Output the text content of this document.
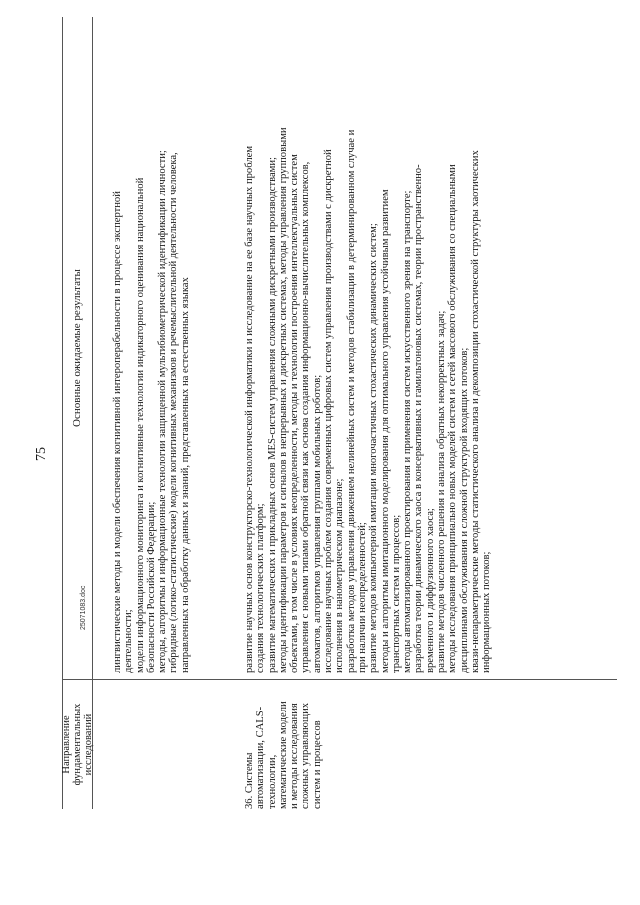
75
Направление фундаментальных исследований
Основные ожидаемые результаты	лингвистические методы и модели обеспечения когнитивной интероперабельности в процессе экспертной деятельности; модели информационного мониторинга и когнитивные технологии индикаторного оценивания национальной безопасности Российской Федерации; методы, алгоритмы и информационные технологии защищенной мультибиометрической идентификации личности; гибридные (логико-статистические) модели когнитивных механизмов и речемыслительной деятельности человека, направленных на обработку данных и знаний, представленных на естественных языках
36. Системы автоматизации, CALS- технологии, математические модели и методы исследования сложных управляющих систем и процессов
развитие научных основ конструкторско-технологической информатики и исследование на ее базе научных проблем создания технологических платформ; развитие математических и прикладных основ MES-систем управления сложными дискретными производствами; методы идентификации параметров и сигналов в непрерывных и дискретных системах, методы управления групповыми объектами, в том числе в условиях неопределенности, методы и технологии построения интеллектуальных систем управления с новыми типами обратной связи как основа создания информационно-вычислительных комплексов, автоматов, алгоритмов управления группами мобильных роботов; исследование научных проблем создания современных цифровых систем управления производствами с дискретной исполнения в нанометрическом диапазоне; разработка методов управления движением нелинейных систем и методов стабилизации в детерминированном случае и при наличии неопределенностей; развитие методов компьютерной имитации многочастичных стохастических динамических систем; методы и алгоритмы имитационного моделирования для оптимального управления устойчивым развитием транспортных систем и процессов; методы автоматизированного проектирования и применения систем искусственного зрения на транспорте; разработка теории динамического хаоса в консервативных и гамильтоновых системах, теории пространственно- временного и диффузионного хаоса; развитие методов численного решения и анализа обратных некорректных задач; методы исследования принципиально новых моделей систем и сетей массового обслуживания со специальными дисциплинами обслуживания и сложной структурой входящих потоков; квази-непараметрические методы статистического анализа и декомпозиции стохастической структуры хаотических информационных потоков;
25071083.doc
